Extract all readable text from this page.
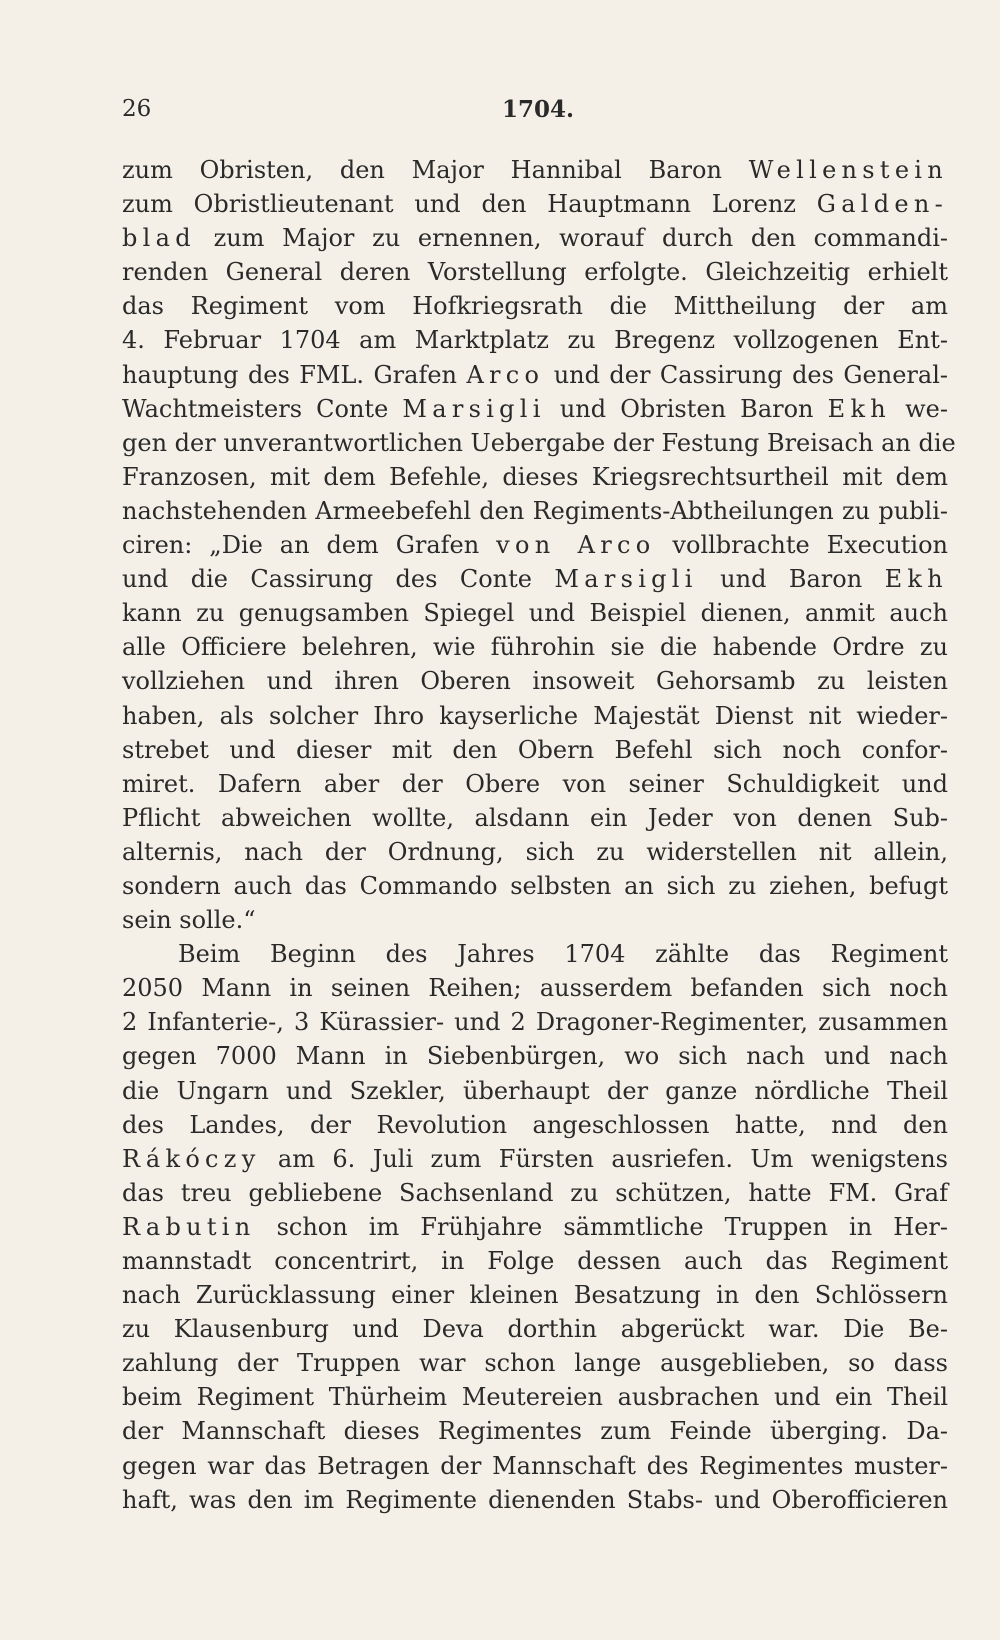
26	1704.
zum Obristen, den Major Hannibal Baron Wellenstein
zum Obristlieutenant und den Hauptmann Lorenz Galden-
blad zum Major zu ernennen, worauf durch den commandi-
renden General deren Vorstellung erfolgte. Gleichzeitig erhielt
das Regiment vom Hofkriegsrath die Mittheilung der am
4. Februar 1704 am Marktplatz zu Bregenz vollzogenen Ent-
hauptung des FML. Grafen Arco und der Cassirung des General-
Wachtmeisters Conte Marsigli und Obristen Baron Ekh we-
gen der unverantwortlichen Uebergabe der Festung Breisach an die
Franzosen, mit dem Befehle, dieses Kriegsrechtsurtheil mit dem
nachstehenden Armeebefehl den Regiments-Abtheilungen zu publi-
ciren: „Die an dem Grafen von Arco vollbrachte Execution
und die Cassirung des Conte Marsigli und Baron Ekh
kann zu genugsamben Spiegel und Beispiel dienen, anmit auch
alle Officiere belehren, wie führohin sie die habende Ordre zu
vollziehen und ihren Oberen insoweit Gehorsamb zu leisten
haben, als solcher Ihro kayserliche Majestät Dienst nit wieder-
strebet und dieser mit den Obern Befehl sich noch confor-
miret. Dafern aber der Obere von seiner Schuldigkeit und
Pflicht abweichen wollte, alsdann ein Jeder von denen Sub-
alternis, nach der Ordnung, sich zu widerstellen nit allein,
sondern auch das Commando selbsten an sich zu ziehen, befugt
sein solle.“
Beim Beginn des Jahres 1704 zählte das Regiment
2050 Mann in seinen Reihen; ausserdem befanden sich noch
2 Infanterie-, 3 Kürassier- und 2 Dragoner-Regimenter, zusammen
gegen 7000 Mann in Siebenbürgen, wo sich nach und nach
die Ungarn und Szekler, überhaupt der ganze nördliche Theil
des Landes, der Revolution angeschlossen hatte, nnd den
Rákóczy am 6. Juli zum Fürsten ausriefen. Um wenigstens
das treu gebliebene Sachsenland zu schützen, hatte FM. Graf
Rabutin schon im Frühjahre sämmtliche Truppen in Her-
mannstadt concentrirt, in Folge dessen auch das Regiment
nach Zurücklassung einer kleinen Besatzung in den Schlössern
zu Klausenburg und Deva dorthin abgerückt war. Die Be-
zahlung der Truppen war schon lange ausgeblieben, so dass
beim Regiment Thürheim Meutereien ausbrachen und ein Theil
der Mannschaft dieses Regimentes zum Feinde überging. Da-
gegen war das Betragen der Mannschaft des Regimentes muster-
haft, was den im Regimente dienenden Stabs- und Oberofficieren
